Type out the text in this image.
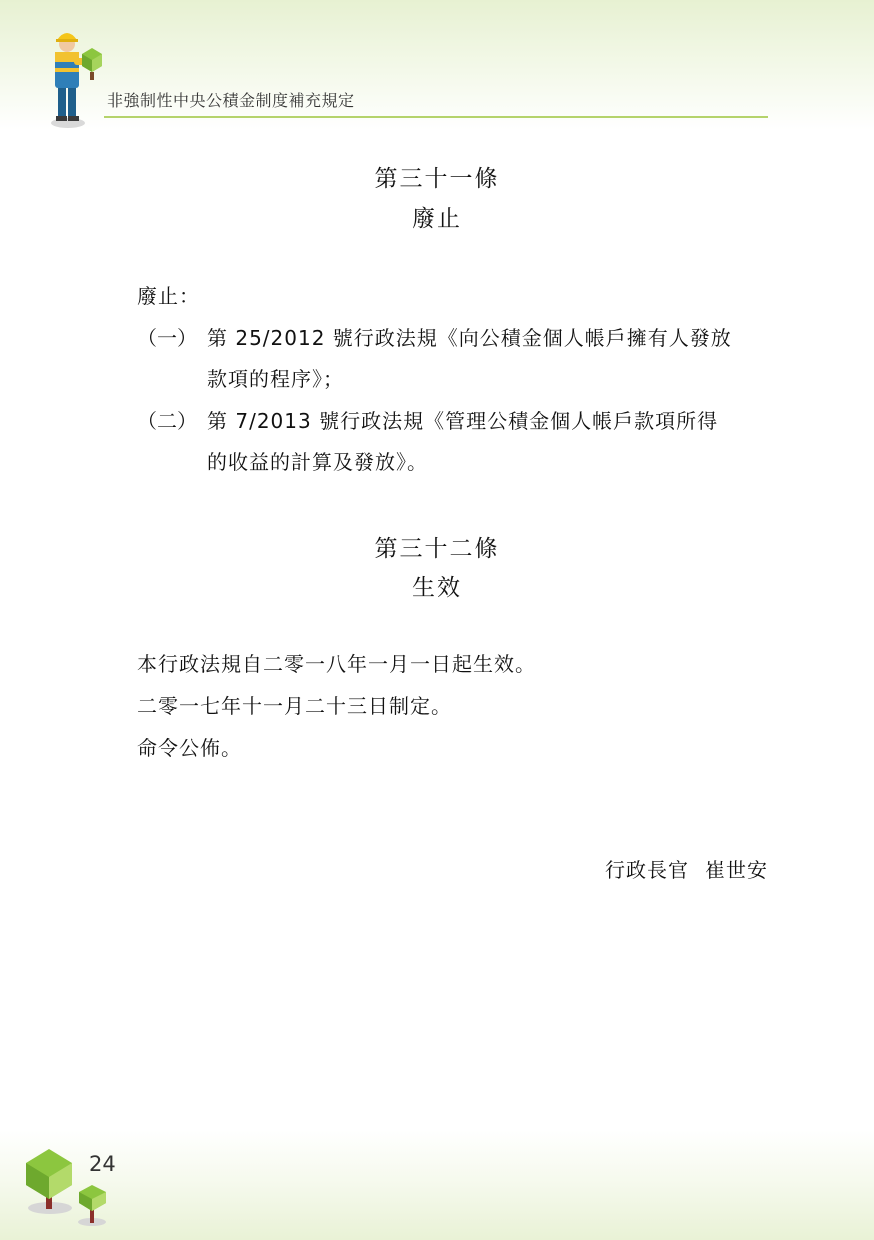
非強制性中央公積金制度補充規定
第三十一條
廢止
廢止：
（一） 第 25/2012 號行政法規《向公積金個人帳戶擁有人發放
款項的程序》；
（二） 第 7/2013 號行政法規《管理公積金個人帳戶款項所得
的收益的計算及發放》。
第三十二條
生效
本行政法規自二零一八年一月一日起生效。
二零一七年十一月二十三日制定。
命令公佈。
行政長官 崔世安
24
